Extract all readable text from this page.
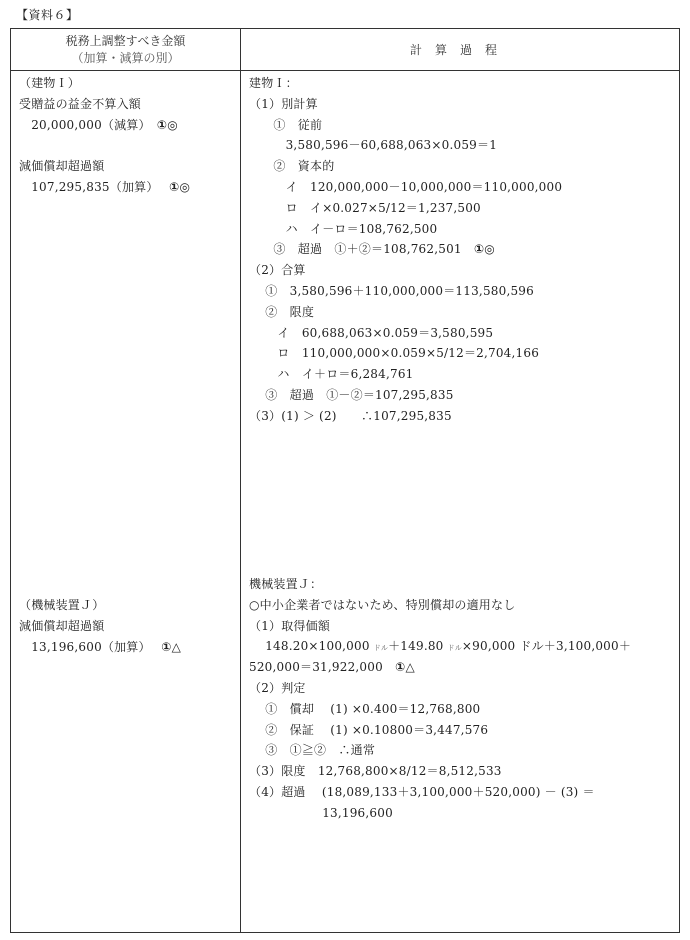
【資料６】
税務上調整すべき金額
（加算・減算の別）
計算過程
（建物Ｉ）
受贈益の益金不算入額
　20,000,000（減算）　①◎
減価償却超過額
　107,295,835（加算）　 ①◎
（機械装置Ｊ）
減価償却超過額
　13,196,600（加算）　 ①△
建物Ｉ：
（1）別計算
　　①　従前
　　　3,580,596－60,688,063×0.059＝1
　　②　資本的
　　　イ　120,000,000－10,000,000＝110,000,000
　　　ロ　イ×0.027×5/12＝1,237,500
　　　ハ　イ－ロ＝108,762,500
　　③　超過　①＋②＝108,762,501　①◎
（2）合算
　 ①　3,580,596＋110,000,000＝113,580,596
　 ②　限度
　　 イ　60,688,063×0.059＝3,580,595
　　 ロ　110,000,000×0.059×5/12＝2,704,166
　　 ハ　イ＋ロ＝6,284,761
　 ③　超過　①－②＝107,295,835
（3）(1) ＞ (2)　　∴107,295,835
機械装置Ｊ：
○中小企業者ではないため、特別償却の適用なし
（1）取得価額
　 148.20×100,000 ドル＋149.80 ドル×90,000 ドル＋3,100,000＋
520,000＝31,922,000　①△
（2）判定
　 ①　償却　 (1) ×0.400＝12,768,800
　 ②　保証　 (1) ×0.10800＝3,447,576
　 ③　①≧②　∴通常
（3）限度　12,768,800×8/12＝8,512,533
（4）超過　 (18,089,133＋3,100,000＋520,000) － (3) ＝
　　　　　　13,196,600
